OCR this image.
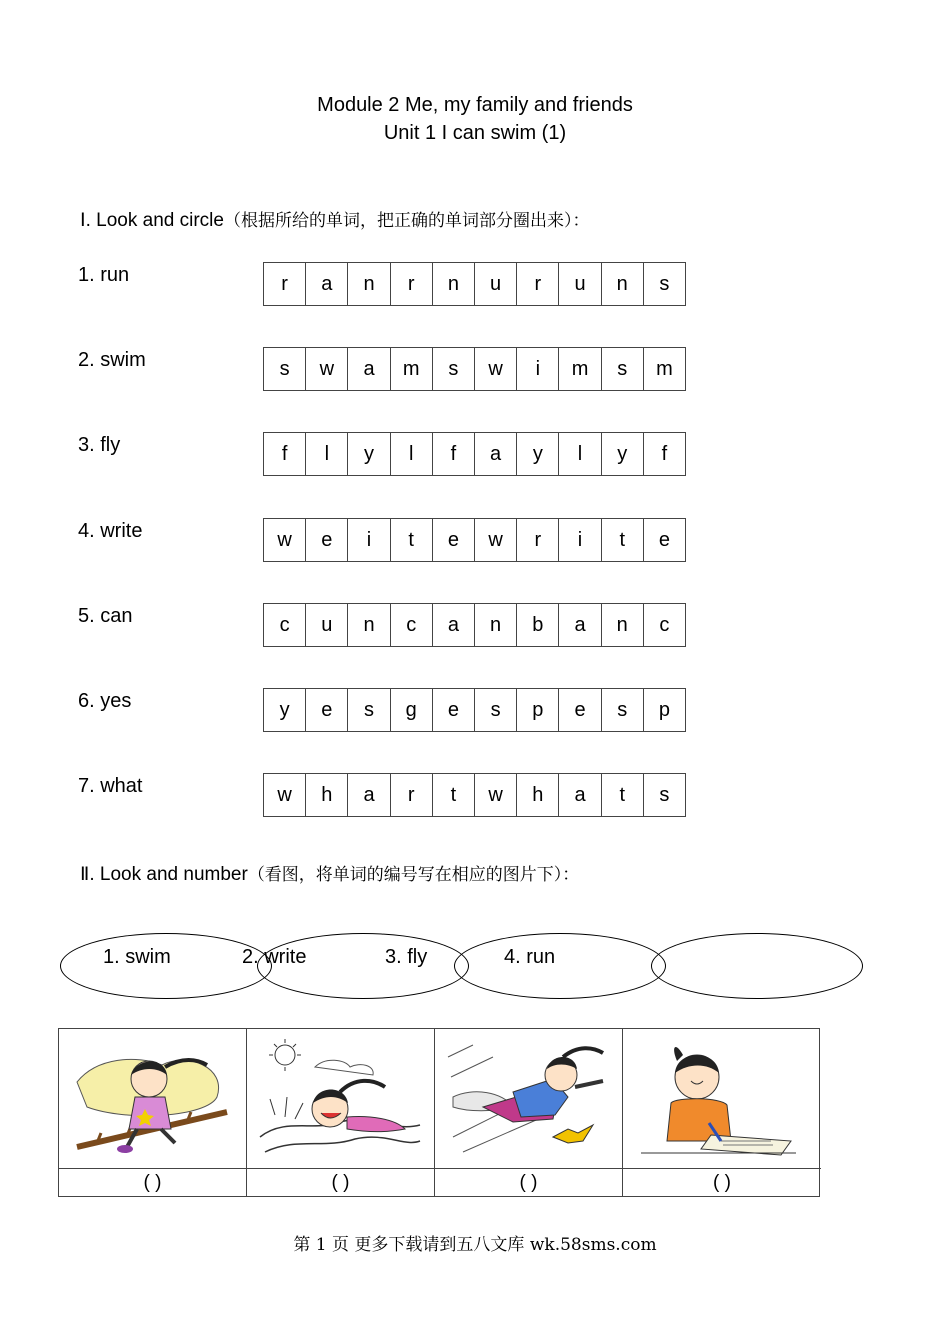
Module 2 Me, my family and friends
Unit 1 I can swim (1)
Ⅰ. Look and circle（根据所给的单词，把正确的单词部分圈出来）：
1. run	r	a	n	r	n	u	r	u	n	s
2. swim	s	w	a	m	s	w	i	m	s	m
3. fly	f	l	y	l	f	a	y	l	y	f
4. write	w	e	i	t	e	w	r	i	t	e
5. can	c	u	n	c	a	n	b	a	n	c
6. yes	y	e	s	g	e	s	p	e	s	p
7. what	w	h	a	r	t	w	h	a	t	s
Ⅱ. Look and number（看图，将单词的编号写在相应的图片下）：
1. swim	2. write	3. fly	4. run
( )	( )	( )	( )
第 1 页 更多下载请到五八文库 wk.58sms.com
